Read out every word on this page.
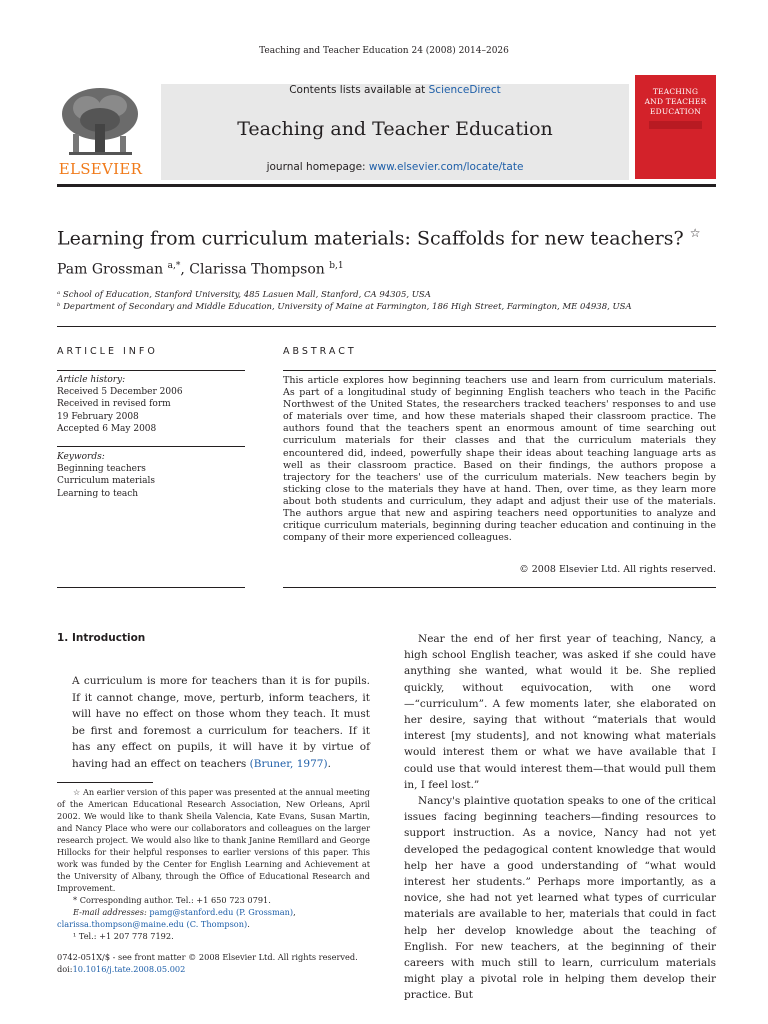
Teaching and Teacher Education 24 (2008) 2014–2026
ELSEVIER
Contents lists available at ScienceDirect
Teaching and Teacher Education
journal homepage: www.elsevier.com/locate/tate
TEACHING
AND TEACHER
EDUCATION
Learning from curriculum materials: Scaffolds for new teachers? ☆
Pam Grossman $^{a,*}$, Clarissa Thompson $^{b,1}$
ᵃ School of Education, Stanford University, 485 Lasuen Mall, Stanford, CA 94305, USA
ᵇ Department of Secondary and Middle Education, University of Maine at Farmington, 186 High Street, Farmington, ME 04938, USA
ARTICLE INFO
Article history:
Received 5 December 2006
Received in revised form
19 February 2008
Accepted 6 May 2008
Keywords:
Beginning teachers
Curriculum materials
Learning to teach
ABSTRACT
This article explores how beginning teachers use and learn from curriculum materials. As part of a longitudinal study of beginning English teachers who teach in the Pacific Northwest of the United States, the researchers tracked teachers' responses to and use of materials over time, and how these materials shaped their classroom practice. The authors found that the teachers spent an enormous amount of time searching out curriculum materials for their classes and that the curriculum materials they encountered did, indeed, powerfully shape their ideas about teaching language arts as well as their classroom practice. Based on their findings, the authors propose a trajectory for the teachers' use of the curriculum materials. New teachers begin by sticking close to the materials they have at hand. Then, over time, as they learn more about both students and curriculum, they adapt and adjust their use of the materials. The authors argue that new and aspiring teachers need opportunities to analyze and critique curriculum materials, beginning during teacher education and continuing in the company of their more experienced colleagues.
© 2008 Elsevier Ltd. All rights reserved.
1. Introduction
A curriculum is more for teachers than it is for pupils. If it cannot change, move, perturb, inform teachers, it will have no effect on those whom they teach. It must be first and foremost a curriculum for teachers. If it has any effect on pupils, it will have it by virtue of having had an effect on teachers (Bruner, 1977).
☆ An earlier version of this paper was presented at the annual meeting of the American Educational Research Association, New Orleans, April 2002. We would like to thank Sheila Valencia, Kate Evans, Susan Martin, and Nancy Place who were our collaborators and colleagues on the larger research project. We would also like to thank Janine Remillard and George Hillocks for their helpful responses to earlier versions of this paper. This work was funded by the Center for English Learning and Achievement at the University of Albany, through the Office of Educational Research and Improvement.
* Corresponding author. Tel.: +1 650 723 0791.
E-mail addresses: pamg@stanford.edu (P. Grossman),
clarissa.thompson@maine.edu (C. Thompson).
¹ Tel.: +1 207 778 7192.
0742-051X/$ - see front matter © 2008 Elsevier Ltd. All rights reserved.
doi:10.1016/j.tate.2008.05.002

Near the end of her first year of teaching, Nancy, a high school English teacher, was asked if she could have anything she wanted, what would it be. She replied quickly, without equivocation, with one word—“curriculum”. A few moments later, she elaborated on her desire, saying that without “materials that would interest [my students], and not knowing what materials would interest them or what we have available that I could use that would interest them—that would pull them in, I feel lost.”

Nancy's plaintive quotation speaks to one of the critical issues facing beginning teachers—finding resources to support instruction. As a novice, Nancy had not yet developed the pedagogical content knowledge that would help her have a good understanding of “what would interest her students.” Perhaps more importantly, as a novice, she had not yet learned what types of curricular materials are available to her, materials that could in fact help her develop knowledge about the teaching of English. For new teachers, at the beginning of their careers with much still to learn, curriculum materials might play a pivotal role in helping them develop their practice. But
